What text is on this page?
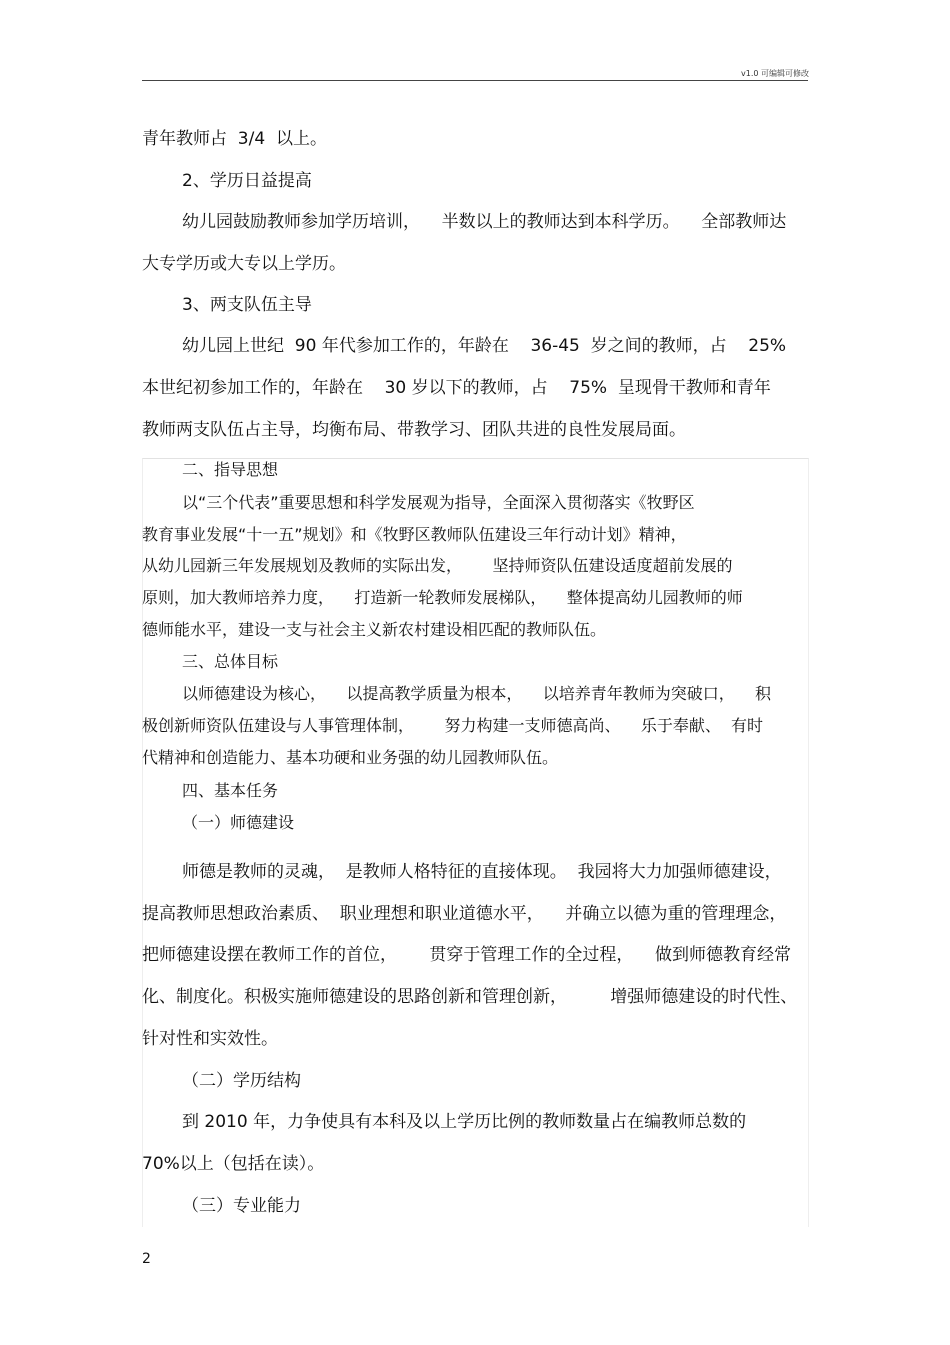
v1.0 可编辑可修改
青年教师占  3/4  以上。
2、学历日益提高
幼儿园鼓励教师参加学历培训，    半数以上的教师达到本科学历。    全部教师达
大专学历或大专以上学历。
3、两支队伍主导
幼儿园上世纪  90 年代参加工作的，年龄在    36-45  岁之间的教师，占    25%
本世纪初参加工作的，年龄在    30 岁以下的教师，占    75%  呈现骨干教师和青年
教师两支队伍占主导，均衡布局、带教学习、团队共进的良性发展局面。
二、指导思想
以“三个代表”重要思想和科学发展观为指导，全面深入贯彻落实《牧野区
教育事业发展“十一五”规划》和《牧野区教师队伍建设三年行动计划》精神，
从幼儿园新三年发展规划及教师的实际出发，      坚持师资队伍建设适度超前发展的
原则，加大教师培养力度，    打造新一轮教师发展梯队，    整体提高幼儿园教师的师
德师能水平，建设一支与社会主义新农村建设相匹配的教师队伍。
三、总体目标
以师德建设为核心，    以提高教学质量为根本，    以培养青年教师为突破口，    积
极创新师资队伍建设与人事管理体制，      努力构建一支师德高尚、    乐于奉献、  有时
代精神和创造能力、基本功硬和业务强的幼儿园教师队伍。
四、基本任务
（一）师德建设
师德是教师的灵魂，  是教师人格特征的直接体现。  我园将大力加强师德建设，
提高教师思想政治素质、  职业理想和职业道德水平，    并确立以德为重的管理理念，
把师德建设摆在教师工作的首位，      贯穿于管理工作的全过程，    做到师德教育经常
化、制度化。积极实施师德建设的思路创新和管理创新，        增强师德建设的时代性、
针对性和实效性。
（二）学历结构
到 2010 年，力争使具有本科及以上学历比例的教师数量占在编教师总数的
70%以上（包括在读）。
（三）专业能力
2
